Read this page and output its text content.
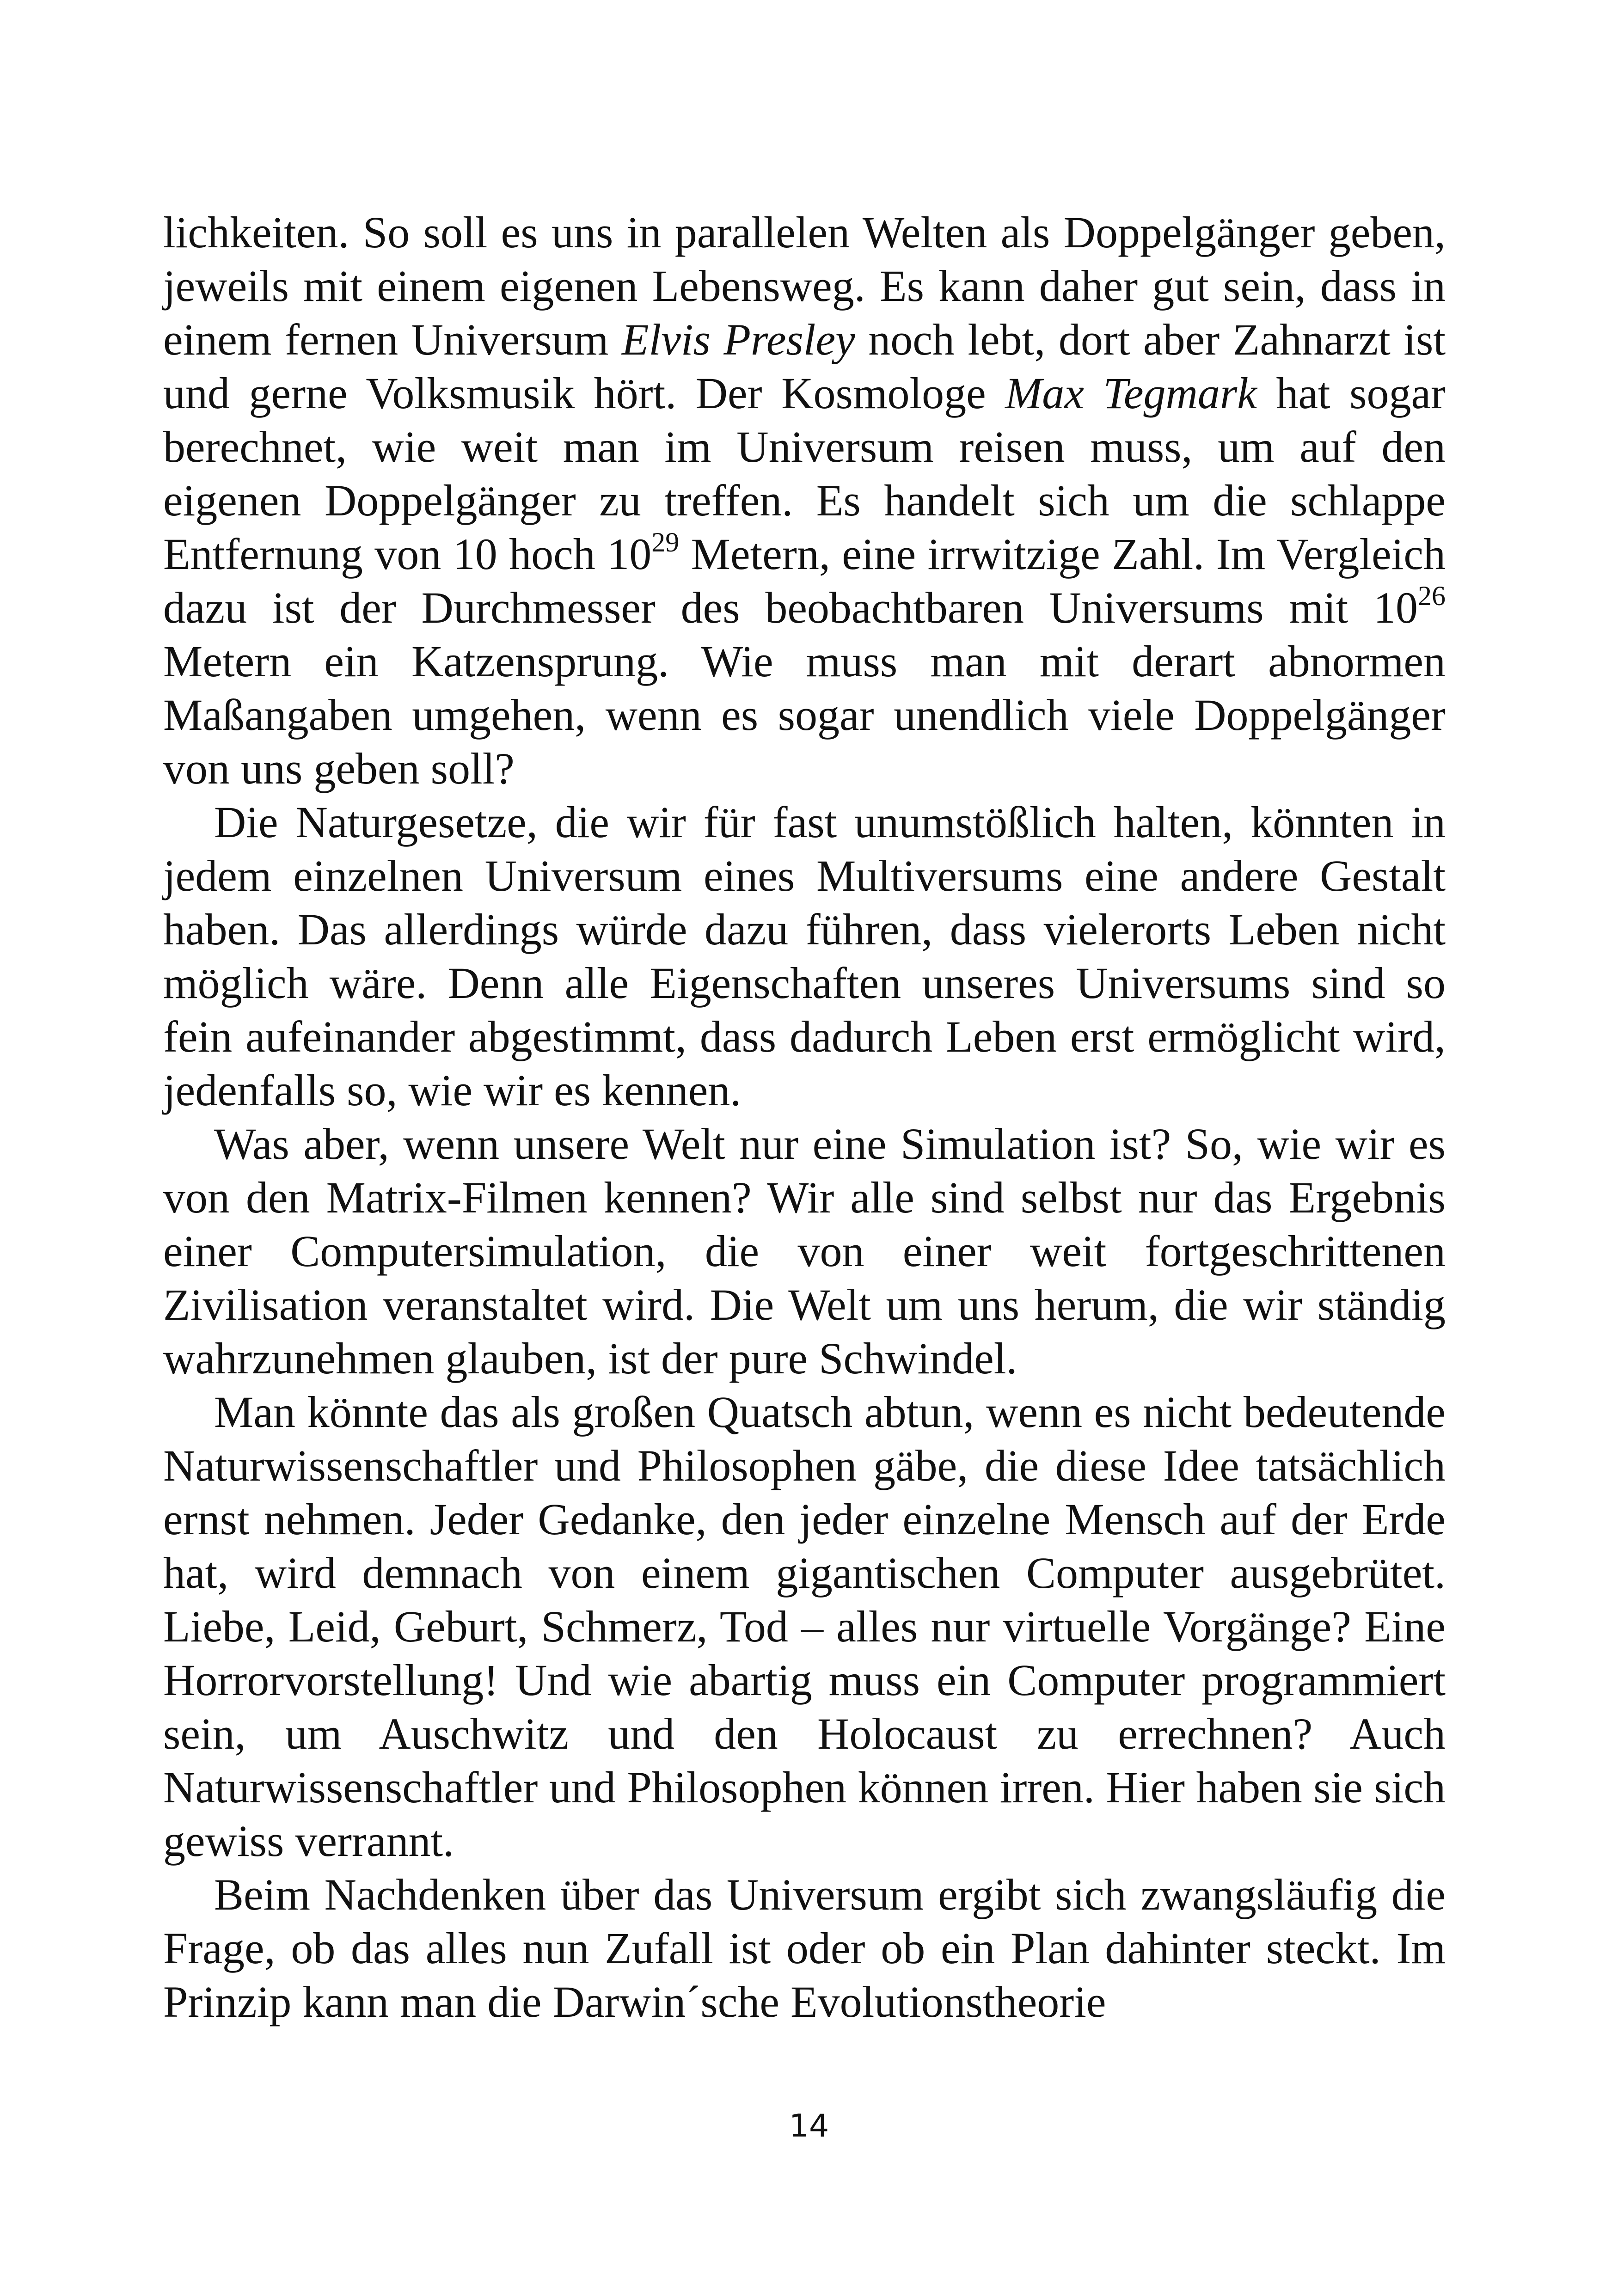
lichkeiten. So soll es uns in parallelen Welten als Doppelgänger geben, jeweils mit einem eigenen Lebensweg. Es kann daher gut sein, dass in einem fernen Universum Elvis Presley noch lebt, dort aber Zahnarzt ist und gerne Volksmusik hört. Der Kosmologe Max Tegmark hat sogar berechnet, wie weit man im Universum reisen muss, um auf den eigenen Doppelgänger zu treffen. Es handelt sich um die schlappe Entfernung von 10 hoch $10^{29}$ Metern, eine irrwitzige Zahl. Im Vergleich dazu ist der Durchmesser des beobachtbaren Universums mit $10^{26}$ Metern ein Katzensprung. Wie muss man mit derart abnormen Maßangaben umgehen, wenn es sogar unendlich viele Doppelgänger von uns geben soll?

Die Naturgesetze, die wir für fast unumstößlich halten, könnten in jedem einzelnen Universum eines Multiversums eine andere Gestalt haben. Das allerdings würde dazu führen, dass vielerorts Leben nicht möglich wäre. Denn alle Eigenschaften unseres Universums sind so fein aufeinander abgestimmt, dass dadurch Leben erst ermöglicht wird, jedenfalls so, wie wir es kennen.

Was aber, wenn unsere Welt nur eine Simulation ist? So, wie wir es von den Matrix-Filmen kennen? Wir alle sind selbst nur das Ergebnis einer Computersimulation, die von einer weit fortgeschrittenen Zivilisation veranstaltet wird. Die Welt um uns herum, die wir ständig wahrzunehmen glauben, ist der pure Schwindel.

Man könnte das als großen Quatsch abtun, wenn es nicht bedeutende Naturwissenschaftler und Philosophen gäbe, die diese Idee tatsächlich ernst nehmen. Jeder Gedanke, den jeder einzelne Mensch auf der Erde hat, wird demnach von einem gigantischen Computer ausgebrütet. Liebe, Leid, Geburt, Schmerz, Tod – alles nur virtuelle Vorgänge? Eine Horrorvorstellung! Und wie abartig muss ein Computer programmiert sein, um Auschwitz und den Holocaust zu errechnen? Auch Naturwissenschaftler und Philosophen können irren. Hier haben sie sich gewiss verrannt.

Beim Nachdenken über das Universum ergibt sich zwangsläufig die Frage, ob das alles nun Zufall ist oder ob ein Plan dahinter steckt. Im Prinzip kann man die Darwin´sche Evolutionstheorie

14
